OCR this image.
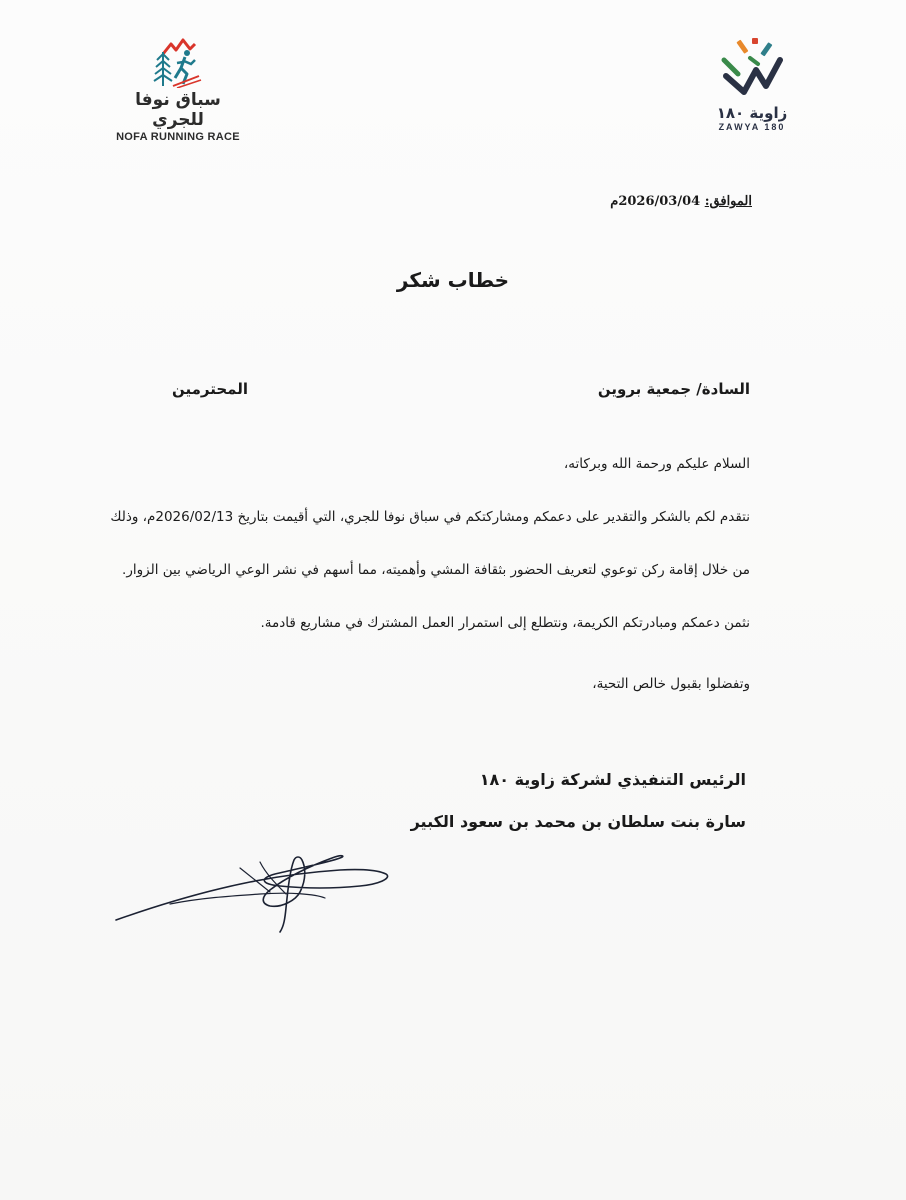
سباق نوفا للجري
NOFA RUNNING RACE
زاوية ١٨٠
ZAWYA 180
الموافق: 2026/03/04م
خطاب شكر
السادة/ جمعية بروين
المحترمين
السلام عليكم ورحمة الله وبركاته،
نتقدم لكم بالشكر والتقدير على دعمكم ومشاركتكم في سباق نوفا للجري، التي أقيمت بتاريخ 2026/02/13م، وذلك
من خلال إقامة ركن توعوي لتعريف الحضور بثقافة المشي وأهميته، مما أسهم في نشر الوعي الرياضي بين الزوار.
نثمن دعمكم ومبادرتكم الكريمة، ونتطلع إلى استمرار العمل المشترك في مشاريع قادمة.
وتفضلوا بقبول خالص التحية،
الرئيس التنفيذي لشركة زاوية ١٨٠
سارة بنت سلطان بن محمد بن سعود الكبير
